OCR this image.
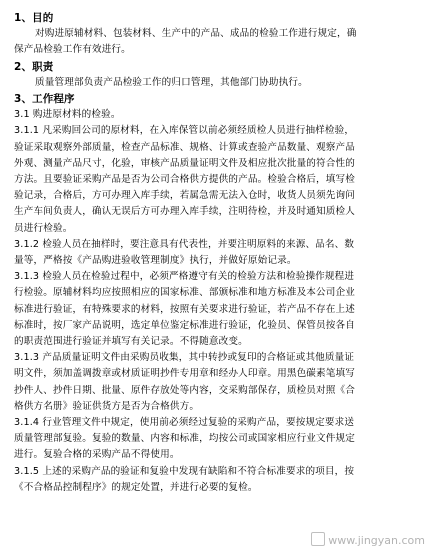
1、目的
对购进原辅材料、包装材料、生产中的产品、成品的检验工作进行规定，确
保产品检验工作有效进行。
2、职责
质量管理部负责产品检验工作的归口管理，其他部门协助执行。
3、工作程序
3.1 购进原材料的检验。
3.1.1 凡采购回公司的原材料，在入库保管以前必须经质检人员进行抽样检验，
验证采取观察外部质量，检查产品标准、规格、计算或查验产品数量、观察产品
外观、测量产品尺寸，化验，审核产品质量证明文件及相应批次批量的符合性的
方法。且要验证采购产品是否为公司合格供方提供的产品。检验合格后，填写检
验记录，合格后，方可办理入库手续，若属急需无法入仓时，收货人员须先询问
生产车间负责人，确认无误后方可办理入库手续，注明待检，并及时通知质检人
员进行检验。
3.1.2 检验人员在抽样时，要注意具有代表性，并要注明原料的来源、品名、数
量等，严格按《产品购进验收管理制度》执行，并做好原始记录。
3.1.3 检验人员在检验过程中，必须严格遵守有关的检验方法和检验操作规程进
行检验。原辅材料均应按照相应的国家标准、部颁标准和地方标准及本公司企业
标准进行验证，有特殊要求的材料，按照有关要求进行验证，若产品不存在上述
标准时，按厂家产品说明，选定单位鉴定标准进行验证，化验员、保管员按各自
的职责范围进行验证并填写有关记录。不得随意改变。
3.1.3 产品质量证明文件由采购员收集，其中转抄或复印的合格证或其他质量证
明文件，须加盖调拨章或材质证明抄件专用章和经办人印章。用黑色碳素笔填写
抄件人、抄件日期、批量、原件存放处等内容，交采购部保存，质检员对照《合
格供方名册》验证供货方是否为合格供方。
3.1.4 行业管理文件中规定，使用前必须经过复验的采购产品，要按规定要求送
质量管理部复验。复验的数量、内容和标准，均按公司或国家相应行业文件规定
进行。复验合格的采购产品不得使用。
3.1.5 上述的采购产品的验证和复验中发现有缺陷和不符合标准要求的项目，按
《不合格品控制程序》的规定处置，并进行必要的复检。
www.jingyan.com
